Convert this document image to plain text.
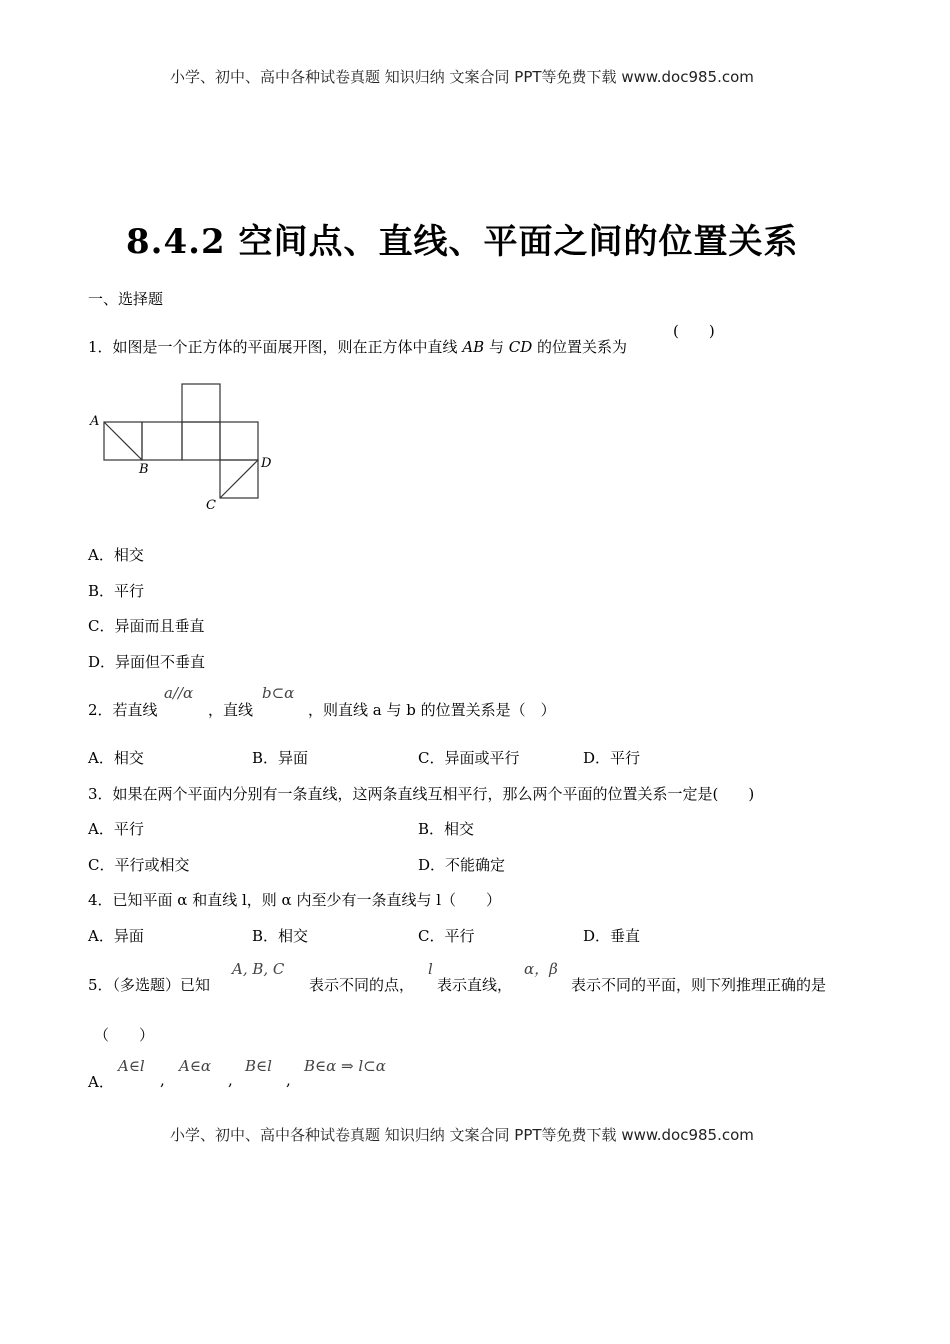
小学、初中、高中各种试卷真题 知识归纳 文案合同 PPT等免费下载 www.doc985.com
8.4.2 空间点、直线、平面之间的位置关系
一、选择题
1．如图是一个正方体的平面展开图，则在正方体中直线 AB 与 CD 的位置关系为
(　　)
A
B
C
D
A．相交
B．平行
C．异面而且垂直
D．异面但不垂直
2．若直线
a//α
，直线
b⊂α
，则直线 a 与 b 的位置关系是（　）
A．相交	B．异面	C．异面或平行	D．平行
3．如果在两个平面内分别有一条直线，这两条直线互相平行，那么两个平面的位置关系一定是(　　)
A．平行	B．相交
C．平行或相交	D．不能确定
4．已知平面 α 和直线 l，则 α 内至少有一条直线与 l（　　）
A．异面	B．相交	C．平行	D．垂直
5．（多选题）已知
A, B, C
表示不同的点，
l
表示直线，
α，β
表示不同的平面，则下列推理正确的是
（　　）
A．
A∈l
,
A∈α
,
B∈l
,
B∈α ⇒ l⊂α
小学、初中、高中各种试卷真题 知识归纳 文案合同 PPT等免费下载 www.doc985.com
